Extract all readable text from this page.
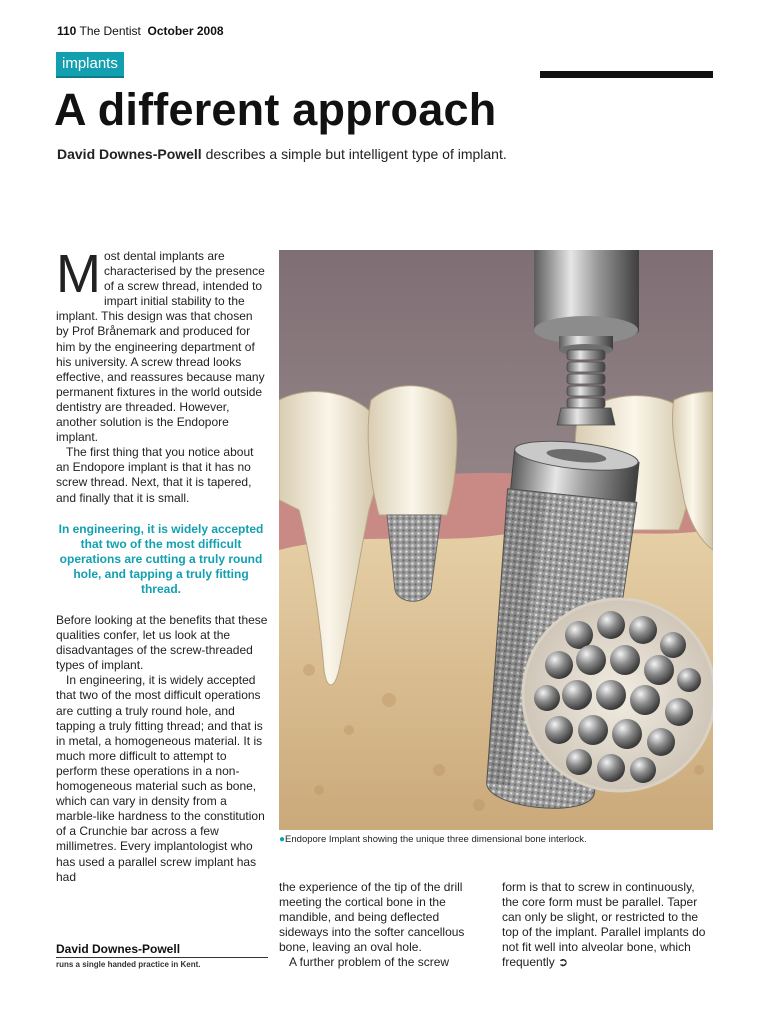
110 The Dentist October 2008
implants
A different approach
David Downes-Powell describes a simple but intelligent type of implant.

Most dental implants are characterised by the presence of a screw thread, intended to impart initial stability to the implant. This design was that chosen by Prof Brånemark and produced for him by the engineering department of his university. A screw thread looks effective, and reassures because many permanent fixtures in the world outside dentistry are threaded. However, another solution is the Endopore implant.

The first thing that you notice about an Endopore implant is that it has no screw thread. Next, that it is tapered, and finally that it is small.

In engineering, it is widely accepted that two of the most difficult operations are cutting a truly round hole, and tapping a truly fitting thread.

Before looking at the benefits that these qualities confer, let us look at the disadvantages of the screw-threaded types of implant.

In engineering, it is widely accepted that two of the most difficult operations are cutting a truly round hole, and tapping a truly fitting thread; and that is in metal, a homogeneous material. It is much more difficult to attempt to perform these operations in a non-homogeneous material such as bone, which can vary in density from a marble-like hardness to the constitution of a Crunchie bar across a few millimetres. Every implantologist who has used a parallel screw implant has had

the experience of the tip of the drill meeting the cortical bone in the mandible, and being deflected sideways into the softer cancellous bone, leaving an oval hole.

A further problem of the screw

form is that to screw in continuously, the core form must be parallel. Taper can only be slight, or restricted to the top of the implant. Parallel implants do not fit well into alveolar bone, which frequently ➲

●Endopore Implant showing the unique three dimensional bone interlock.
David Downes-Powell
runs a single handed practice in Kent.
